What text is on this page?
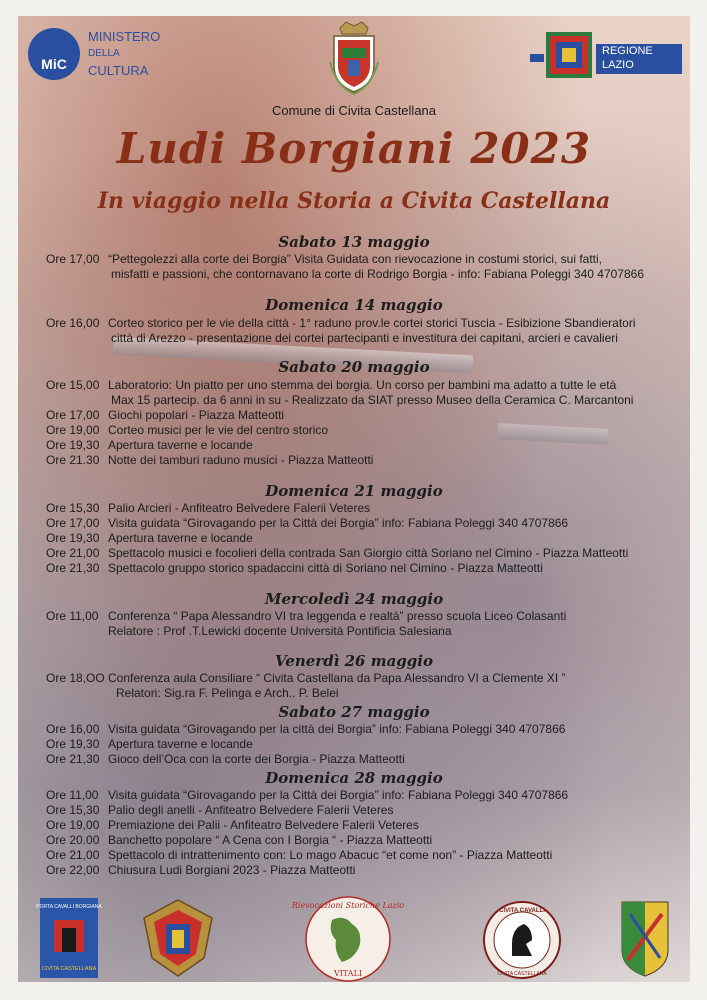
MiC
MINISTERO
DELLA
CULTURA
REGIONE
LAZIO
Comune di Civita Castellana
Ludi Borgiani 2023
In viaggio nella Storia a Civita Castellana
Sabato 13 maggio
Ore 17,00 “Pettegolezzi alla corte dei Borgia” Visita Guidata con rievocazione in costumi storici, sui fatti,
misfatti e passioni, che contornavano la corte di Rodrigo Borgia - info: Fabiana Poleggi 340 4707866
Domenica 14 maggio
Ore 16,00 Corteo storico per le vie della città - 1° raduno prov.le cortei storici Tuscia - Esibizione Sbandieratori
città di Arezzo - presentazione dei cortei partecipanti e investitura dei capitani, arcieri e cavalieri
Sabato 20 maggio
Ore 15,00 Laboratorio: Un piatto per uno stemma dei borgia. Un corso per bambini ma adatto a tutte le età
Max 15 partecip. da 6 anni in su - Realizzato da SIAT presso Museo della Ceramica C. Marcantoni
Ore 17,00 Giochi popolari - Piazza Matteotti
Ore 19,00 Corteo musici per le vie del centro storico
Ore 19,30 Apertura taverne e locande
Ore 21.30 Notte dei tamburi raduno musici - Piazza Matteotti
Domenica 21 maggio
Ore 15,30 Palio Arcieri - Anfiteatro Belvedere Falerii Veteres
Ore 17,00 Visita guidata “Girovagando per la Città dei Borgia” info: Fabiana Poleggi 340 4707866
Ore 19,30 Apertura taverne e locande
Ore 21,00 Spettacolo musici e focolieri della contrada San Giorgio città Soriano nel Cimino - Piazza Matteotti
Ore 21,30 Spettacolo gruppo storico spadaccini città di Soriano nel Cimino - Piazza Matteotti
Mercoledì 24 maggio
Ore 11,00 Conferenza “ Papa Alessandro VI tra leggenda e realtà” presso scuola Liceo Colasanti
Relatore : Prof .T.Lewicki docente Università Pontificia Salesiana
Venerdì 26 maggio
Ore 18,OO Conferenza aula Consiliare “ Civita Castellana da Papa Alessandro VI a Clemente XI ”
Relatori: Sig.ra F. Pelinga e Arch.. P. Belei
Sabato 27 maggio
Ore 16,00 Visita guidata “Girovagando per la città dei Borgia” info: Fabiana Poleggi 340 4707866
Ore 19,30 Apertura taverne e locande
Ore 21,30 Gioco dell’Oca con la corte dei Borgia - Piazza Matteotti
Domenica 28 maggio
Ore 11,00 Visita guidata “Girovagando per la Città dei Borgia” info: Fabiana Poleggi 340 4707866
Ore 15,30 Palio degli anelli - Anfiteatro Belvedere Falerii Veteres
Ore 19,00 Premiazione dei Palii - Anfiteatro Belvedere Falerii Veteres
Ore 20.00 Banchetto popolare “ A Cena con I Borgia “ - Piazza Matteotti
Ore 21,00 Spettacolo di intrattenimento con: Lo mago Abacuc “et come non” - Piazza Matteotti
Ore 22,00 Chiusura Ludi Borgiani 2023 - Piazza Matteotti
PORTA CAVALLI BORGIANA
CIVITA CASTELLANA
Rievocazioni Storiche Lazio
VITALI
CIVITA CAVALLI
CIVITA CASTELLANA
